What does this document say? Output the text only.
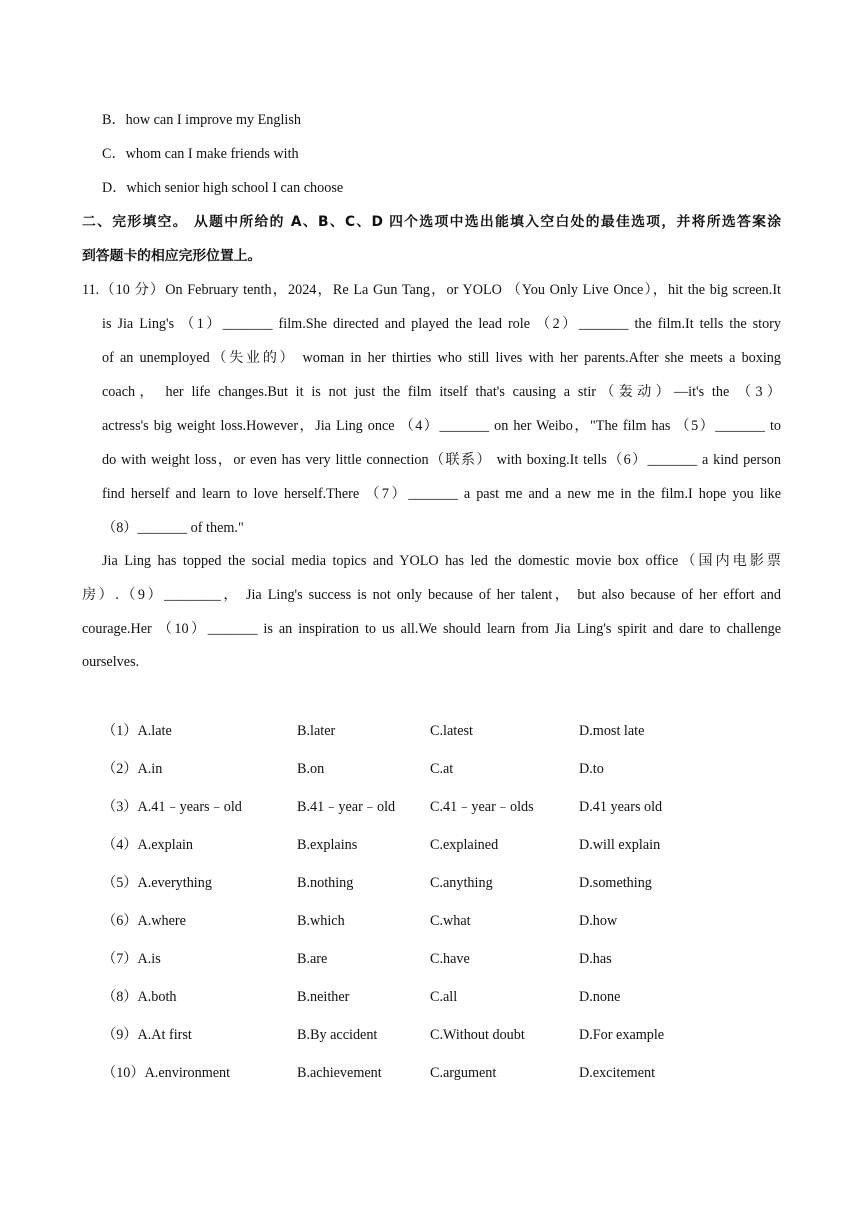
B．how can I improve my English
C．whom can I make friends with
D．which senior high school I can choose
二、完形填空。 从题中所给的 A、B、C、D 四个选项中选出能填入空白处的最佳选项，并将所选答案涂
到答题卡的相应完形位置上。
11.（10 分）On February tenth，2024，Re La Gun Tang，or YOLO （You Only Live Once），hit the big screen.It
is Jia Ling's （1）_______ film.She directed and played the lead role （2）_______ the film.It tells the story
of an unemployed（失业的） woman in her thirties who still lives with her parents.After she meets a boxing
coach， her life changes.But it is not just the film itself that's causing a stir（轰动）—it's the （3）
actress's big weight loss.However，Jia Ling once （4）_______ on her Weibo，"The film has （5）_______ to
do with weight loss，or even has very little connection（联系） with boxing.It tells（6）_______ a kind person
find herself and learn to love herself.There （7）_______ a past me and a new me in the film.I hope you like
（8）_______ of them."
Jia Ling has topped the social media topics and YOLO has led the domestic movie box office（国内电影票
房）.（9）________， Jia Ling's success is not only because of her talent， but also because of her effort and
courage.Her （10）_______ is an inspiration to us all.We should learn from Jia Ling's spirit and dare to challenge
ourselves.
（1）A.late	B.later	C.latest	D.most late
（2）A.in	B.on	C.at	D.to
（3）A.41﹣years﹣old	B.41﹣year﹣old C.41﹣year﹣olds	D.41 years old
（4）A.explain	B.explains	C.explained	D.will explain
（5）A.everything	B.nothing	C.anything	D.something
（6）A.where	B.which	C.what	D.how
（7）A.is	B.are	C.have	D.has
（8）A.both	B.neither	C.all	D.none
（9）A.At first	B.By accident	C.Without doubt	D.For example
（10）A.environment	B.achievement	C.argument	D.excitement
